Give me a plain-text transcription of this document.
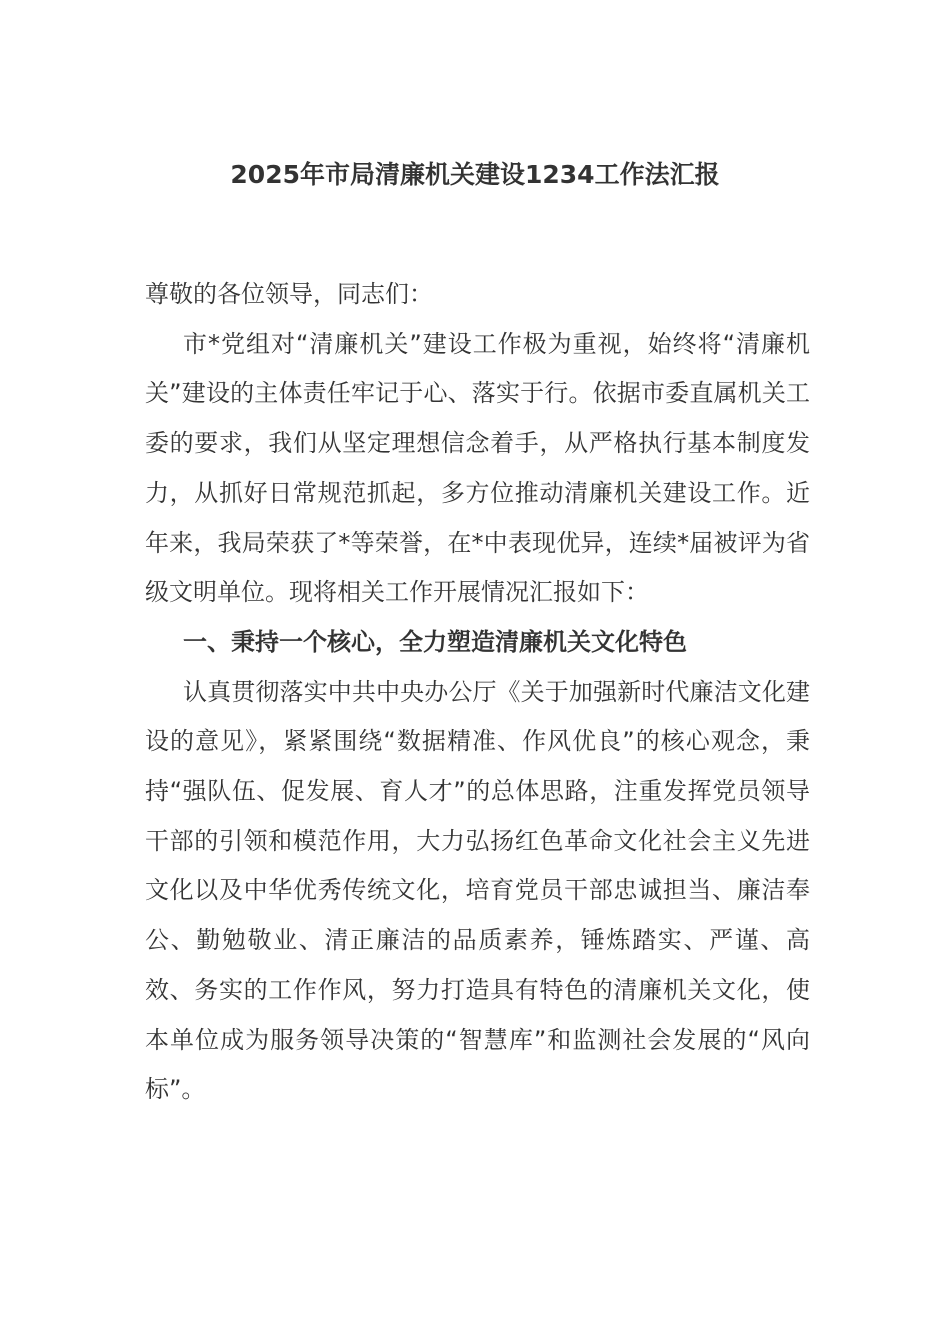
2025年市局清廉机关建设1234工作法汇报

尊敬的各位领导，同志们：

市*党组对“清廉机关”建设工作极为重视，始终将“清廉机关”建设的主体责任牢记于心、落实于行。依据市委直属机关工委的要求，我们从坚定理想信念着手，从严格执行基本制度发力，从抓好日常规范抓起，多方位推动清廉机关建设工作。近年来，我局荣获了*等荣誉，在*中表现优异，连续*届被评为省级文明单位。现将相关工作开展情况汇报如下：

一、秉持一个核心，全力塑造清廉机关文化特色

认真贯彻落实中共中央办公厅《关于加强新时代廉洁文化建设的意见》，紧紧围绕“数据精准、作风优良”的核心观念，秉持“强队伍、促发展、育人才”的总体思路，注重发挥党员领导干部的引领和模范作用，大力弘扬红色革命文化社会主义先进文化以及中华优秀传统文化，培育党员干部忠诚担当、廉洁奉公、勤勉敬业、清正廉洁的品质素养，锤炼踏实、严谨、高效、务实的工作作风，努力打造具有特色的清廉机关文化，使本单位成为服务领导决策的“智慧库”和监测社会发展的“风向标”。
